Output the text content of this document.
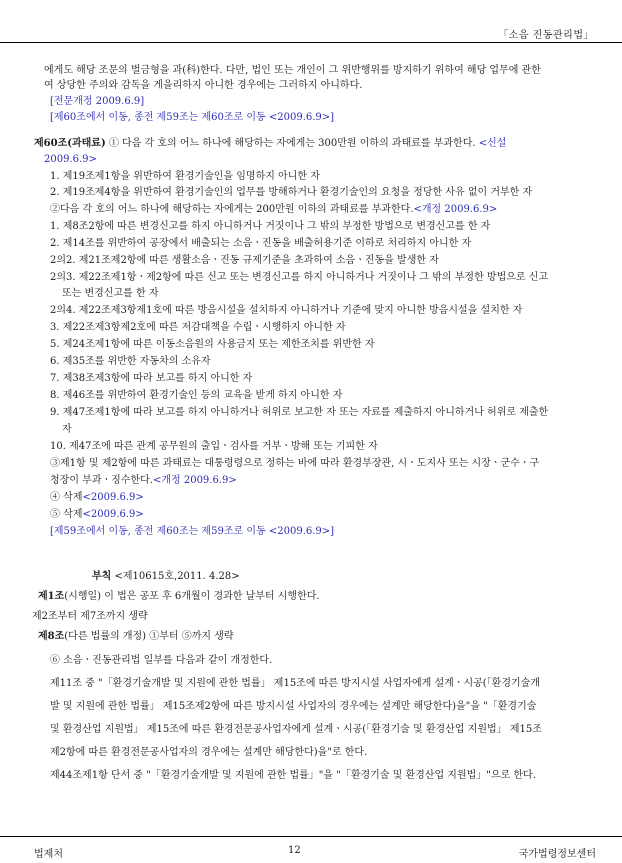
「소음 진동관리법」
에게도 해당 조문의 벌금형을 과(科)한다. 다만, 법인 또는 개인이 그 위반행위를 방지하기 위하여 해당 업무에 관한
여 상당한 주의와 감독을 게을리하지 아니한 경우에는 그러하지 아니하다.
[전문개정 2009.6.9]
[제60조에서 이동, 종전 제59조는 제60조로 이동 <2009.6.9>]
제60조(과태료) ① 다음 각 호의 어느 하나에 해당하는 자에게는 300만원 이하의 과태료를 부과한다. <신설
2009.6.9>
1. 제19조제1항을 위반하여 환경기술인을 임명하지 아니한 자
2. 제19조제4항을 위반하여 환경기술인의 업무를 방해하거나 환경기술인의 요청을 정당한 사유 없이 거부한 자
②다음 각 호의 어느 하나에 해당하는 자에게는 200만원 이하의 과태료를 부과한다.<개정 2009.6.9>
1. 제8조2항에 따른 변경신고를 하지 아니하거나 거짓이나 그 밖의 부정한 방법으로 변경신고를 한 자
2. 제14조를 위반하여 공장에서 배출되는 소음ㆍ진동을 배출허용기준 이하로 처리하지 아니한 자
2의2. 제21조제2항에 따른 생활소음ㆍ진동 규제기준을 초과하여 소음ㆍ진동을 발생한 자
2의3. 제22조제1항ㆍ제2항에 따른 신고 또는 변경신고를 하지 아니하거나 거짓이나 그 밖의 부정한 방법으로 신고
또는 변경신고를 한 자
2의4. 제22조제3항제1호에 따른 방음시설을 설치하지 아니하거나 기준에 맞지 아니한 방음시설을 설치한 자
3. 제22조제3항제2호에 따른 저감대책을 수립ㆍ시행하지 아니한 자
5. 제24조제1항에 따른 이동소음원의 사용금지 또는 제한조치를 위반한 자
6. 제35조를 위반한 자동차의 소유자
7. 제38조제3항에 따라 보고를 하지 아니한 자
8. 제46조를 위반하여 환경기술인 등의 교육을 받게 하지 아니한 자
9. 제47조제1항에 따라 보고를 하지 아니하거나 허위로 보고한 자 또는 자료를 제출하지 아니하거나 허위로 제출한
자
10. 제47조에 따른 관계 공무원의 출입ㆍ검사를 거부ㆍ방해 또는 기피한 자
③제1항 및 제2항에 따른 과태료는 대통령령으로 정하는 바에 따라 환경부장관, 시ㆍ도지사 또는 시장ㆍ군수ㆍ구
청장이 부과ㆍ징수한다.<개정 2009.6.9>
④ 삭제<2009.6.9>
⑤ 삭제<2009.6.9>
[제59조에서 이동, 종전 제60조는 제59조로 이동 <2009.6.9>]
부칙 <제10615호,2011. 4.28>
제1조(시행일) 이 법은 공포 후 6개월이 경과한 날부터 시행한다.
제2조부터 제7조까지 생략
제8조(다른 법률의 개정) ①부터 ⑤까지 생략
⑥ 소음ㆍ진동관리법 일부를 다음과 같이 개정한다.
제11조 중 "「환경기술개발 및 지원에 관한 법률」 제15조에 따른 방지시설 사업자에게 설계ㆍ시공(「환경기술개
발 및 지원에 관한 법률」 제15조제2항에 따른 방지시설 사업자의 경우에는 설계만 해당한다)을"을 "「환경기술
및 환경산업 지원법」 제15조에 따른 환경전문공사업자에게 설계ㆍ시공(「환경기술 및 환경산업 지원법」 제15조
제2항에 따른 환경전문공사업자의 경우에는 설계만 해당한다)을"로 한다.
제44조제1항 단서 중 "「환경기술개발 및 지원에 관한 법률」"을 "「환경기술 및 환경산업 지원법」"으로 한다.
법제처	12	국가법령정보센터
